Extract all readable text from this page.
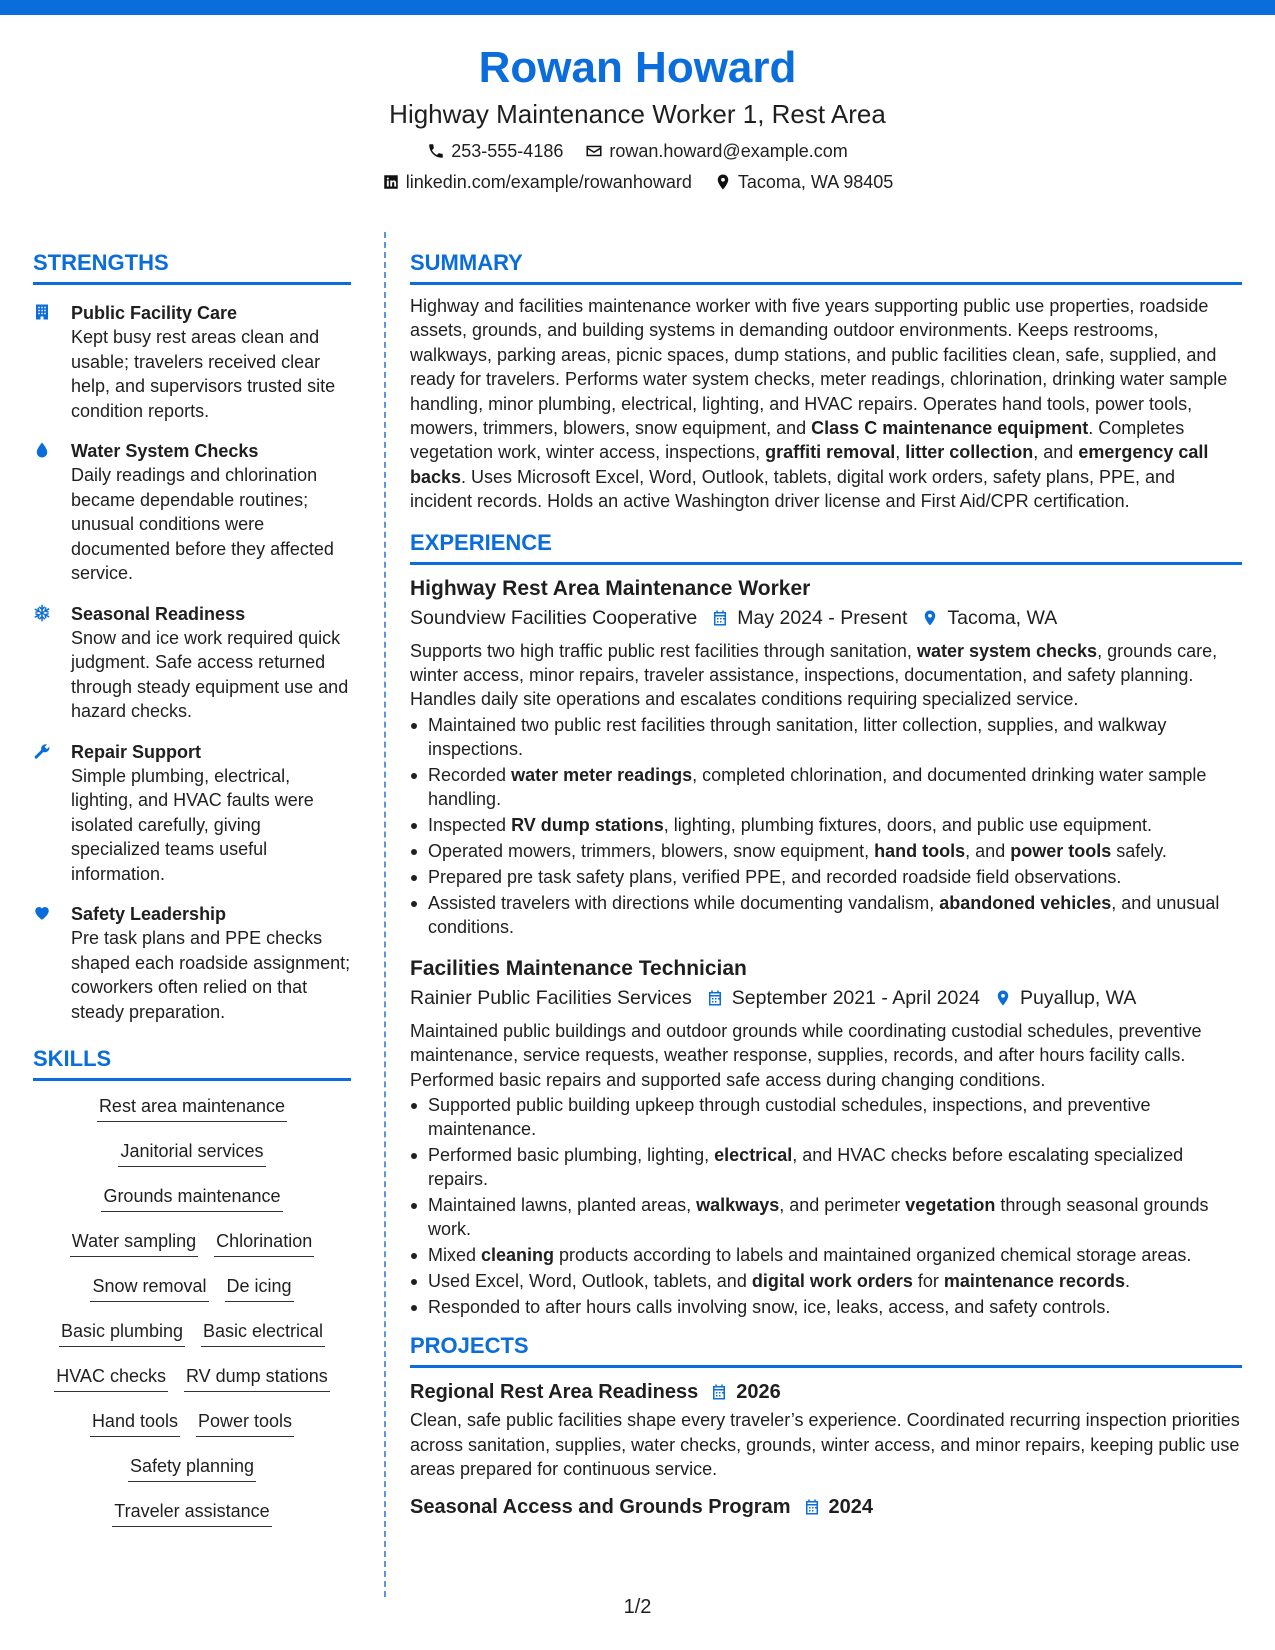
Rowan Howard
Highway Maintenance Worker 1, Rest Area
253-555-4186	rowan.howard@example.com
linkedin.com/example/rowanhoward	Tacoma, WA 98405
STRENGTHS
Public Facility Care
Kept busy rest areas clean and usable; travelers received clear help, and supervisors trusted site condition reports.
Water System Checks
Daily readings and chlorination became dependable routines; unusual conditions were documented before they affected service.
Seasonal Readiness
Snow and ice work required quick judgment. Safe access returned through steady equipment use and hazard checks.
Repair Support
Simple plumbing, electrical, lighting, and HVAC faults were isolated carefully, giving specialized teams useful information.
Safety Leadership
Pre task plans and PPE checks shaped each roadside assignment; coworkers often relied on that steady preparation.
SKILLS
Rest area maintenance
Janitorial services
Grounds maintenance
Water sampling Chlorination
Snow removal De icing
Basic plumbing Basic electrical
HVAC checks RV dump stations
Hand tools Power tools
Safety planning
Traveler assistance
SUMMARY
Highway and facilities maintenance worker with five years supporting public use properties, roadside assets, grounds, and building systems in demanding outdoor environments. Keeps restrooms, walkways, parking areas, picnic spaces, dump stations, and public facilities clean, safe, supplied, and ready for travelers. Performs water system checks, meter readings, chlorination, drinking water sample handling, minor plumbing, electrical, lighting, and HVAC repairs. Operates hand tools, power tools, mowers, trimmers, blowers, snow equipment, and Class C maintenance equipment. Completes vegetation work, winter access, inspections, graffiti removal, litter collection, and emergency call backs. Uses Microsoft Excel, Word, Outlook, tablets, digital work orders, safety plans, PPE, and incident records. Holds an active Washington driver license and First Aid/CPR certification.
EXPERIENCE
Highway Rest Area Maintenance Worker
Soundview Facilities Cooperative May 2024 - Present Tacoma, WA
Supports two high traffic public rest facilities through sanitation, water system checks, grounds care, winter access, minor repairs, traveler assistance, inspections, documentation, and safety planning. Handles daily site operations and escalates conditions requiring specialized service.
Maintained two public rest facilities through sanitation, litter collection, supplies, and walkway inspections.
Recorded water meter readings, completed chlorination, and documented drinking water sample handling.
Inspected RV dump stations, lighting, plumbing fixtures, doors, and public use equipment.
Operated mowers, trimmers, blowers, snow equipment, hand tools, and power tools safely.
Prepared pre task safety plans, verified PPE, and recorded roadside field observations.
Assisted travelers with directions while documenting vandalism, abandoned vehicles, and unusual conditions.
Facilities Maintenance Technician
Rainier Public Facilities Services September 2021 - April 2024 Puyallup, WA
Maintained public buildings and outdoor grounds while coordinating custodial schedules, preventive maintenance, service requests, weather response, supplies, records, and after hours facility calls. Performed basic repairs and supported safe access during changing conditions.
Supported public building upkeep through custodial schedules, inspections, and preventive maintenance.
Performed basic plumbing, lighting, electrical, and HVAC checks before escalating specialized repairs.
Maintained lawns, planted areas, walkways, and perimeter vegetation through seasonal grounds work.
Mixed cleaning products according to labels and maintained organized chemical storage areas.
Used Excel, Word, Outlook, tablets, and digital work orders for maintenance records.
Responded to after hours calls involving snow, ice, leaks, access, and safety controls.
PROJECTS
Regional Rest Area Readiness 2026
Clean, safe public facilities shape every traveler’s experience. Coordinated recurring inspection priorities across sanitation, supplies, water checks, grounds, winter access, and minor repairs, keeping public use areas prepared for continuous service.
Seasonal Access and Grounds Program 2024
1/2
